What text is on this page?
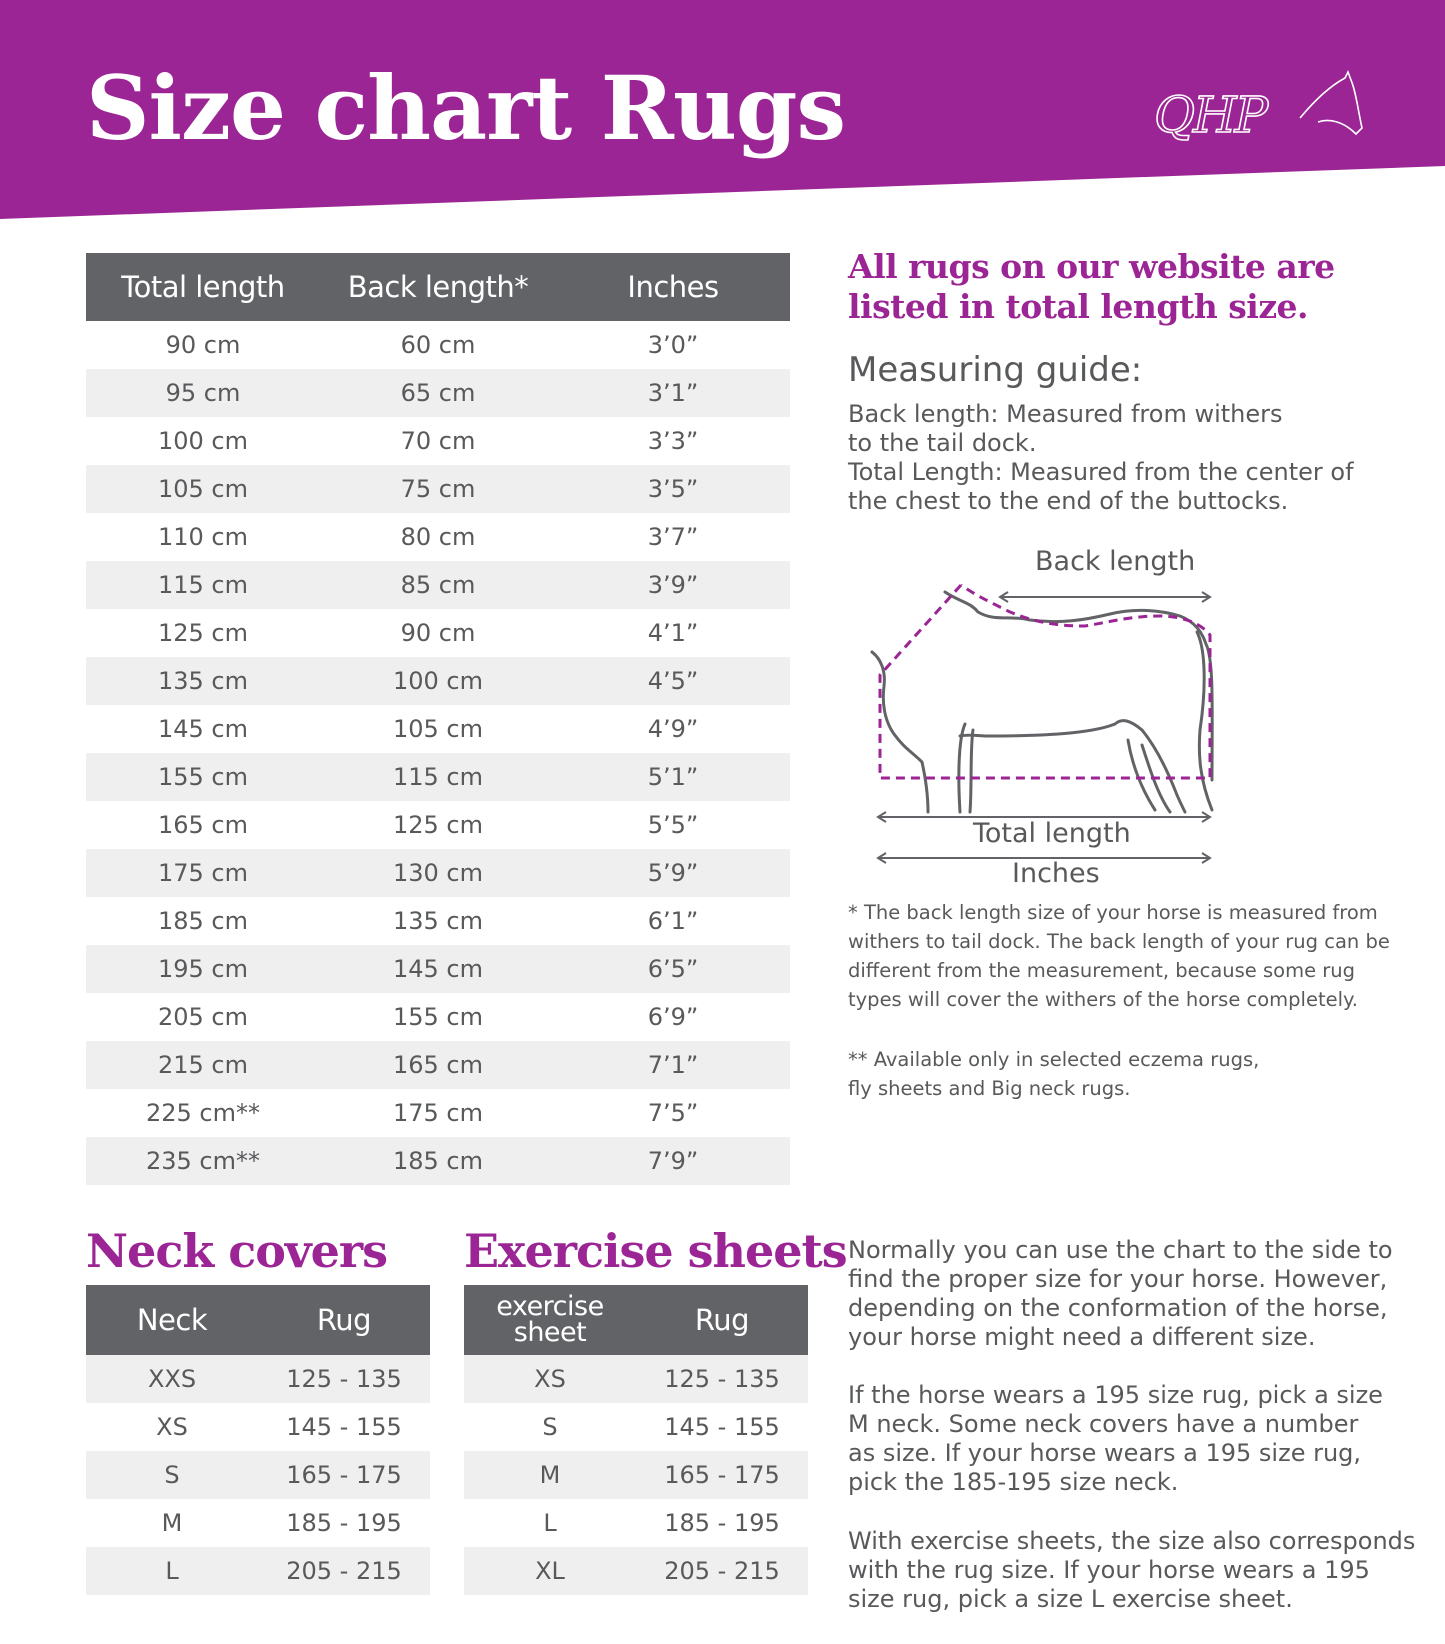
Size chart Rugs	QHP
Total length	Back length*	Inches
90 cm	60 cm	3’0”
95 cm	65 cm	3’1”
100 cm	70 cm	3’3”
105 cm	75 cm	3’5”
110 cm	80 cm	3’7”
115 cm	85 cm	3’9”
125 cm	90 cm	4’1”
135 cm	100 cm	4’5”
145 cm	105 cm	4’9”
155 cm	115 cm	5’1”
165 cm	125 cm	5’5”
175 cm	130 cm	5’9”
185 cm	135 cm	6’1”
195 cm	145 cm	6’5”
205 cm	155 cm	6’9”
215 cm	165 cm	7’1”
225 cm**	175 cm	7’5”
235 cm**	185 cm	7’9”

All rugs on our website are listed in total length size.

Measuring guide:
Back length: Measured from withers
to the tail dock.
Total Length: Measured from the center of
the chest to the end of the buttocks.

Back length

Total length

Inches

* The back length size of your horse is measured from
withers to tail dock. The back length of your rug can be
different from the measurement, because some rug
types will cover the withers of the horse completely.
** Available only in selected eczema rugs,
fly sheets and Big neck rugs.
Neck covers
Neck	Rug
XXS	125 - 135
XS	145 - 155
S	165 - 175
M	185 - 195
L	205 - 215
Exercise sheets
exercise
sheet	Rug
XS	125 - 135
S	145 - 155
M	165 - 175
L	185 - 195
XL	205 - 215
Normally you can use the chart to the side to
find the proper size for your horse. However,
depending on the conformation of the horse,
your horse might need a different size.
If the horse wears a 195 size rug, pick a size
M neck. Some neck covers have a number
as size. If your horse wears a 195 size rug,
pick the 185-195 size neck.
With exercise sheets, the size also corresponds
with the rug size. If your horse wears a 195
size rug, pick a size L exercise sheet.
